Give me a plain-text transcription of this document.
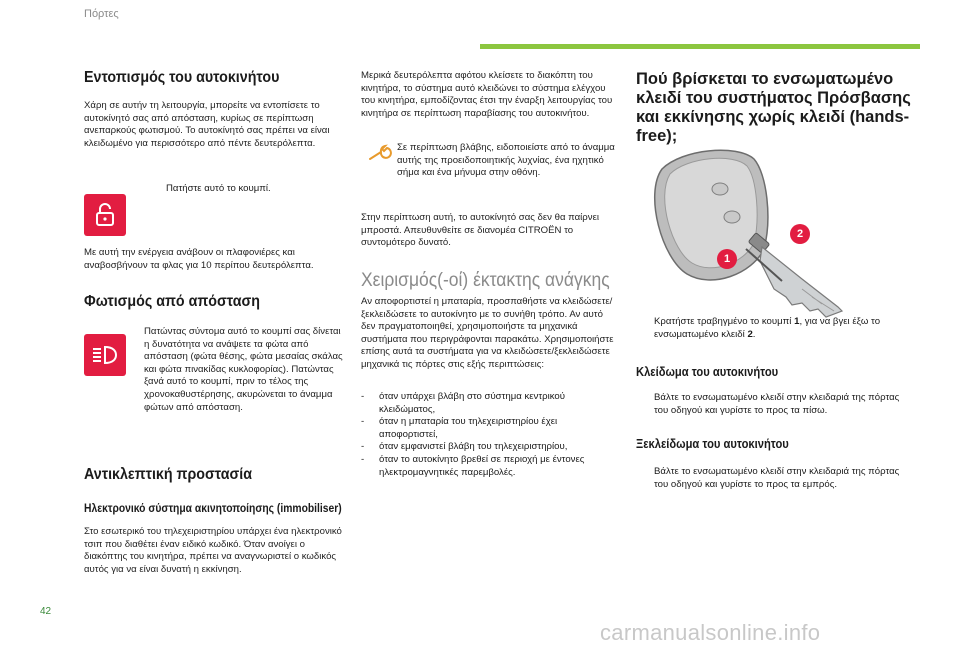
Πόρτες
Εντοπισμός του αυτοκινήτου
Χάρη σε αυτήν τη λειτουργία, μπορείτε να εντοπίσετε το αυτοκίνητό σας από απόσταση, κυρίως σε περίπτωση ανεπαρκούς φωτισμού. Το αυτοκίνητό σας πρέπει να είναι κλειδωμένο για περισσότερο από πέντε δευτερόλεπτα.
Πατήστε αυτό το κουμπί.
Με αυτή την ενέργεια ανάβουν οι πλαφονιέρες και αναβοσβήνουν τα φλας για 10 περίπου δευτερόλεπτα.
Φωτισμός από απόσταση
Πατώντας σύντομα αυτό το κουμπί σας δίνεται η δυνατότητα να ανάψετε τα φώτα από απόσταση (φώτα θέσης, φώτα μεσαίας σκάλας και φώτα πινακίδας κυκλοφορίας). Πατώντας ξανά αυτό το κουμπί, πριν το τέλος της χρονοκαθυστέρησης, ακυρώνεται το άναμμα φώτων από απόσταση.
Αντικλεπτική προστασία
Ηλεκτρονικό σύστημα ακινητοποίησης (immobiliser)
Στο εσωτερικό του τηλεχειριστηρίου υπάρχει ένα ηλεκτρονικό τσιπ που διαθέτει έναν ειδικό κωδικό. Όταν ανοίγει ο διακόπτης του κινητήρα, πρέπει να αναγνωριστεί ο κωδικός αυτός για να είναι δυνατή η εκκίνηση.
Μερικά δευτερόλεπτα αφότου κλείσετε το διακόπτη του κινητήρα, το σύστημα αυτό κλειδώνει το σύστημα ελέγχου του κινητήρα, εμποδίζοντας έτσι την έναρξη λειτουργίας του κινητήρα σε περίπτωση παραβίασης του αυτοκινήτου.
Σε περίπτωση βλάβης, ειδοποιείστε από το άναμμα αυτής της προειδοποιητικής λυχνίας, ένα ηχητικό σήμα και ένα μήνυμα στην οθόνη.
Στην περίπτωση αυτή, το αυτοκίνητό σας δεν θα παίρνει μπροστά. Απευθυνθείτε σε διανομέα CITROËN το συντομότερο δυνατό.
Χειρισμός(-οί) έκτακτης ανάγκης
Αν αποφορτιστεί η μπαταρία, προσπαθήστε να κλειδώσετε/ξεκλειδώσετε το αυτοκίνητο με το συνήθη τρόπο. Αν αυτό δεν πραγματοποιηθεί, χρησιμοποιήστε τα μηχανικά συστήματα που περιγράφονται παρακάτω. Χρησιμοποιήστε επίσης αυτά τα συστήματα για να κλειδώσετε/ξεκλειδώσετε μηχανικά τις πόρτες στις εξής περιπτώσεις:
-	όταν υπάρχει βλάβη στο σύστημα κεντρικού κλειδώματος,
-	όταν η μπαταρία του τηλεχειριστηρίου έχει αποφορτιστεί,
-	όταν εμφανιστεί βλάβη του τηλεχειριστηρίου,
-	όταν το αυτοκίνητο βρεθεί σε περιοχή με έντονες ηλεκτρομαγνητικές παρεμβολές.
Πού βρίσκεται το ενσωματωμένο κλειδί του συστήματος Πρόσβασης και εκκίνησης χωρίς κλειδί (hands-free);
1
2
Κρατήστε τραβηγμένο το κουμπί 1, για να βγει έξω το ενσωματωμένο κλειδί 2.
Κλείδωμα του αυτοκινήτου
Βάλτε το ενσωματωμένο κλειδί στην κλειδαριά της πόρτας του οδηγού και γυρίστε το προς τα πίσω.
Ξεκλείδωμα του αυτοκινήτου
Βάλτε το ενσωματωμένο κλειδί στην κλειδαριά της πόρτας του οδηγού και γυρίστε το προς τα εμπρός.
42
carmanualsonline.info
